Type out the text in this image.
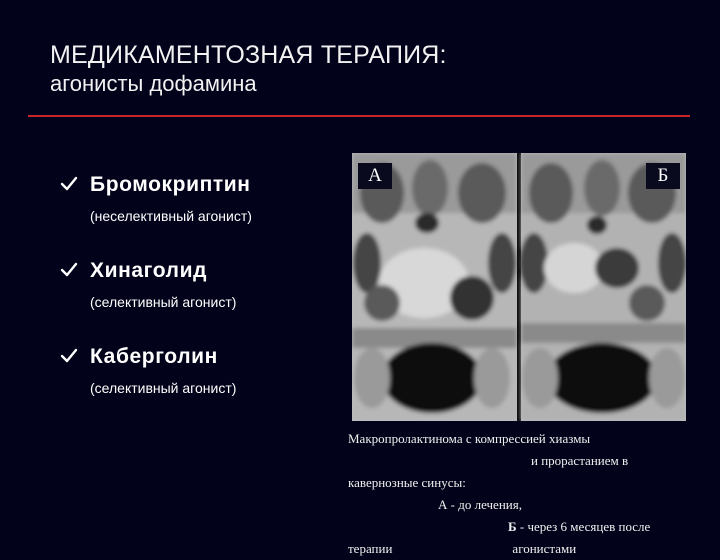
МЕДИКАМЕНТОЗНАЯ ТЕРАПИЯ:
агонисты дофамина
Бромокриптин
(неселективный агонист)
Хинаголид
(селективный агонист)
Каберголин
(селективный агонист)
А	Б
Макропролактинома с компрессией хиазмы
и прорастанием в
кавернозные синусы:
А - до лечения,
Б - через 6 месяцев после
терапии	агонистами
